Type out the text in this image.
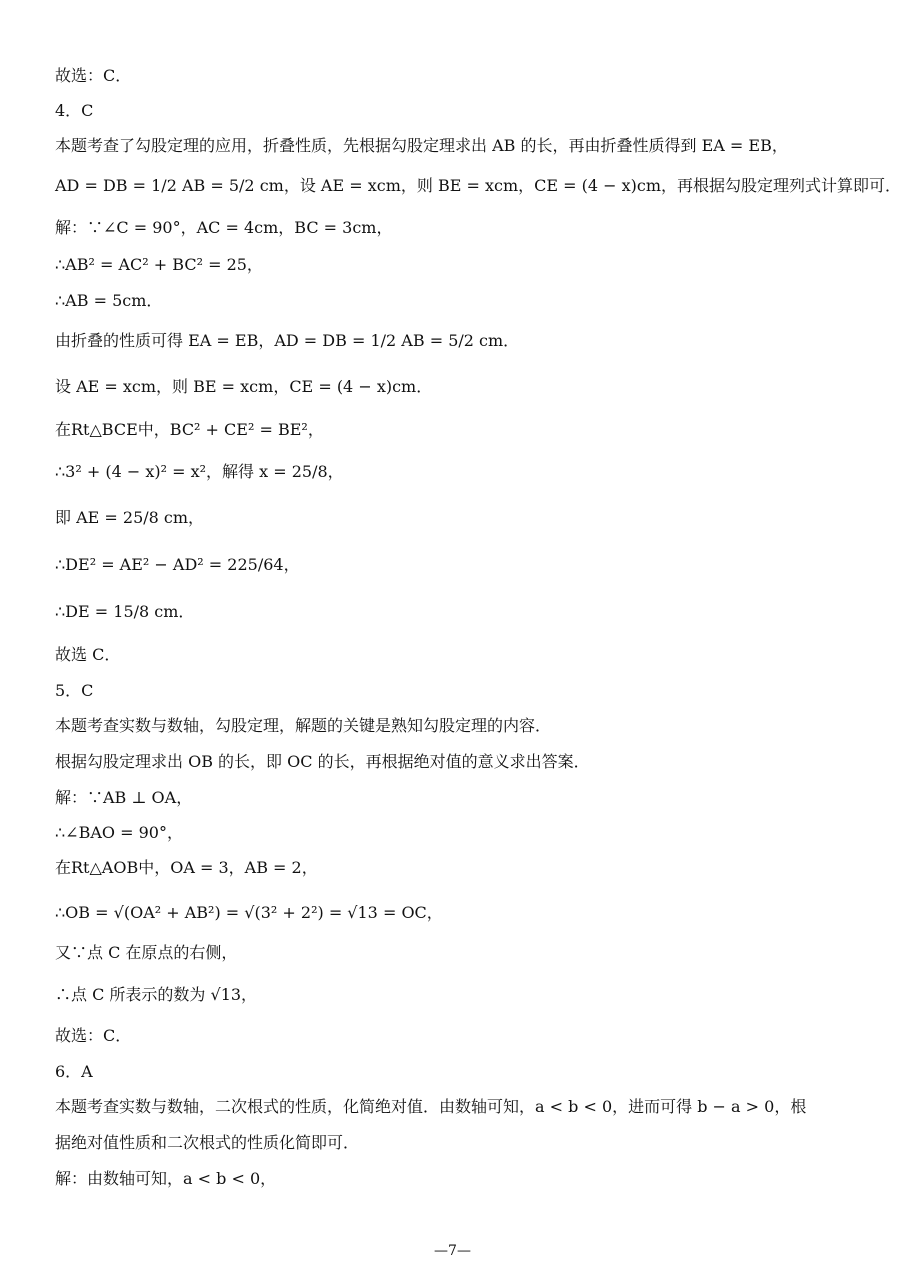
故选：C．
4．C
本题考查了勾股定理的应用，折叠性质，先根据勾股定理求出 AB 的长，再由折叠性质得到 EA = EB，
AD = DB = 1/2 AB = 5/2 cm，设 AE = xcm，则 BE = xcm，CE = (4 − x)cm，再根据勾股定理列式计算即可．
解：∵∠C = 90°，AC = 4cm，BC = 3cm，
∴AB² = AC² + BC² = 25，
∴AB = 5cm．
由折叠的性质可得 EA = EB，AD = DB = 1/2 AB = 5/2 cm．
设 AE = xcm，则 BE = xcm，CE = (4 − x)cm．
在Rt△BCE中，BC² + CE² = BE²，
∴3² + (4 − x)² = x²，解得 x = 25/8，
即 AE = 25/8 cm，
∴DE² = AE² − AD² = 225/64，
∴DE = 15/8 cm．
故选 C．
5．C
本题考查实数与数轴，勾股定理，解题的关键是熟知勾股定理的内容．
根据勾股定理求出 OB 的长，即 OC 的长，再根据绝对值的意义求出答案．
解：∵AB ⊥ OA，
∴∠BAO = 90°，
在Rt△AOB中，OA = 3，AB = 2，
∴OB = √(OA² + AB²) = √(3² + 2²) = √13 = OC，
又∵点 C 在原点的右侧，
∴点 C 所表示的数为 √13，
故选：C．
6．A
本题考查实数与数轴，二次根式的性质，化简绝对值．由数轴可知，a < b < 0，进而可得 b − a > 0，根
据绝对值性质和二次根式的性质化简即可．
解：由数轴可知，a < b < 0，
—7—
